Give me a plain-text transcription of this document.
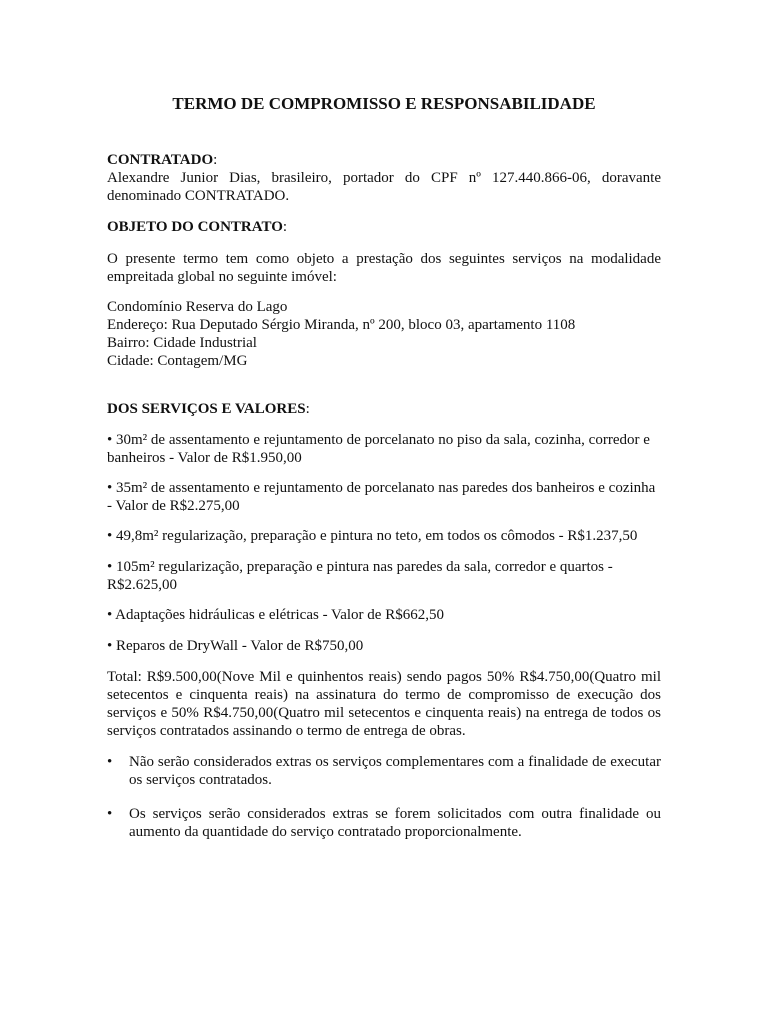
TERMO DE COMPROMISSO E RESPONSABILIDADE
CONTRATADO:
Alexandre Junior Dias, brasileiro, portador do CPF nº 127.440.866-06, doravante denominado CONTRATADO.
OBJETO DO CONTRATO:
O presente termo tem como objeto a prestação dos seguintes serviços na modalidade empreitada global no seguinte imóvel:
Condomínio Reserva do Lago
Endereço: Rua Deputado Sérgio Miranda, nº 200, bloco 03, apartamento 1108
Bairro: Cidade Industrial
Cidade: Contagem/MG
DOS SERVIÇOS E VALORES:
• 30m² de assentamento e rejuntamento de porcelanato no piso da sala, cozinha, corredor e
banheiros - Valor de R$1.950,00
• 35m² de assentamento e rejuntamento de porcelanato nas paredes dos banheiros e cozinha
- Valor de R$2.275,00
• 49,8m² regularização, preparação e pintura no teto, em todos os cômodos - R$1.237,50
• 105m² regularização, preparação e pintura nas paredes da sala, corredor e quartos -
R$2.625,00
• Adaptações hidráulicas e elétricas - Valor de R$662,50
• Reparos de DryWall - Valor de R$750,00
Total: R$9.500,00(Nove Mil e quinhentos reais) sendo pagos 50% R$4.750,00(Quatro mil setecentos e cinquenta reais) na assinatura do termo de compromisso de execução dos serviços e 50% R$4.750,00(Quatro mil setecentos e cinquenta reais) na entrega de todos os serviços contratados assinando o termo de entrega de obras.
• Não serão considerados extras os serviços complementares com a finalidade de executar os serviços contratados.
• Os serviços serão considerados extras se forem solicitados com outra finalidade ou aumento da quantidade do serviço contratado proporcionalmente.
